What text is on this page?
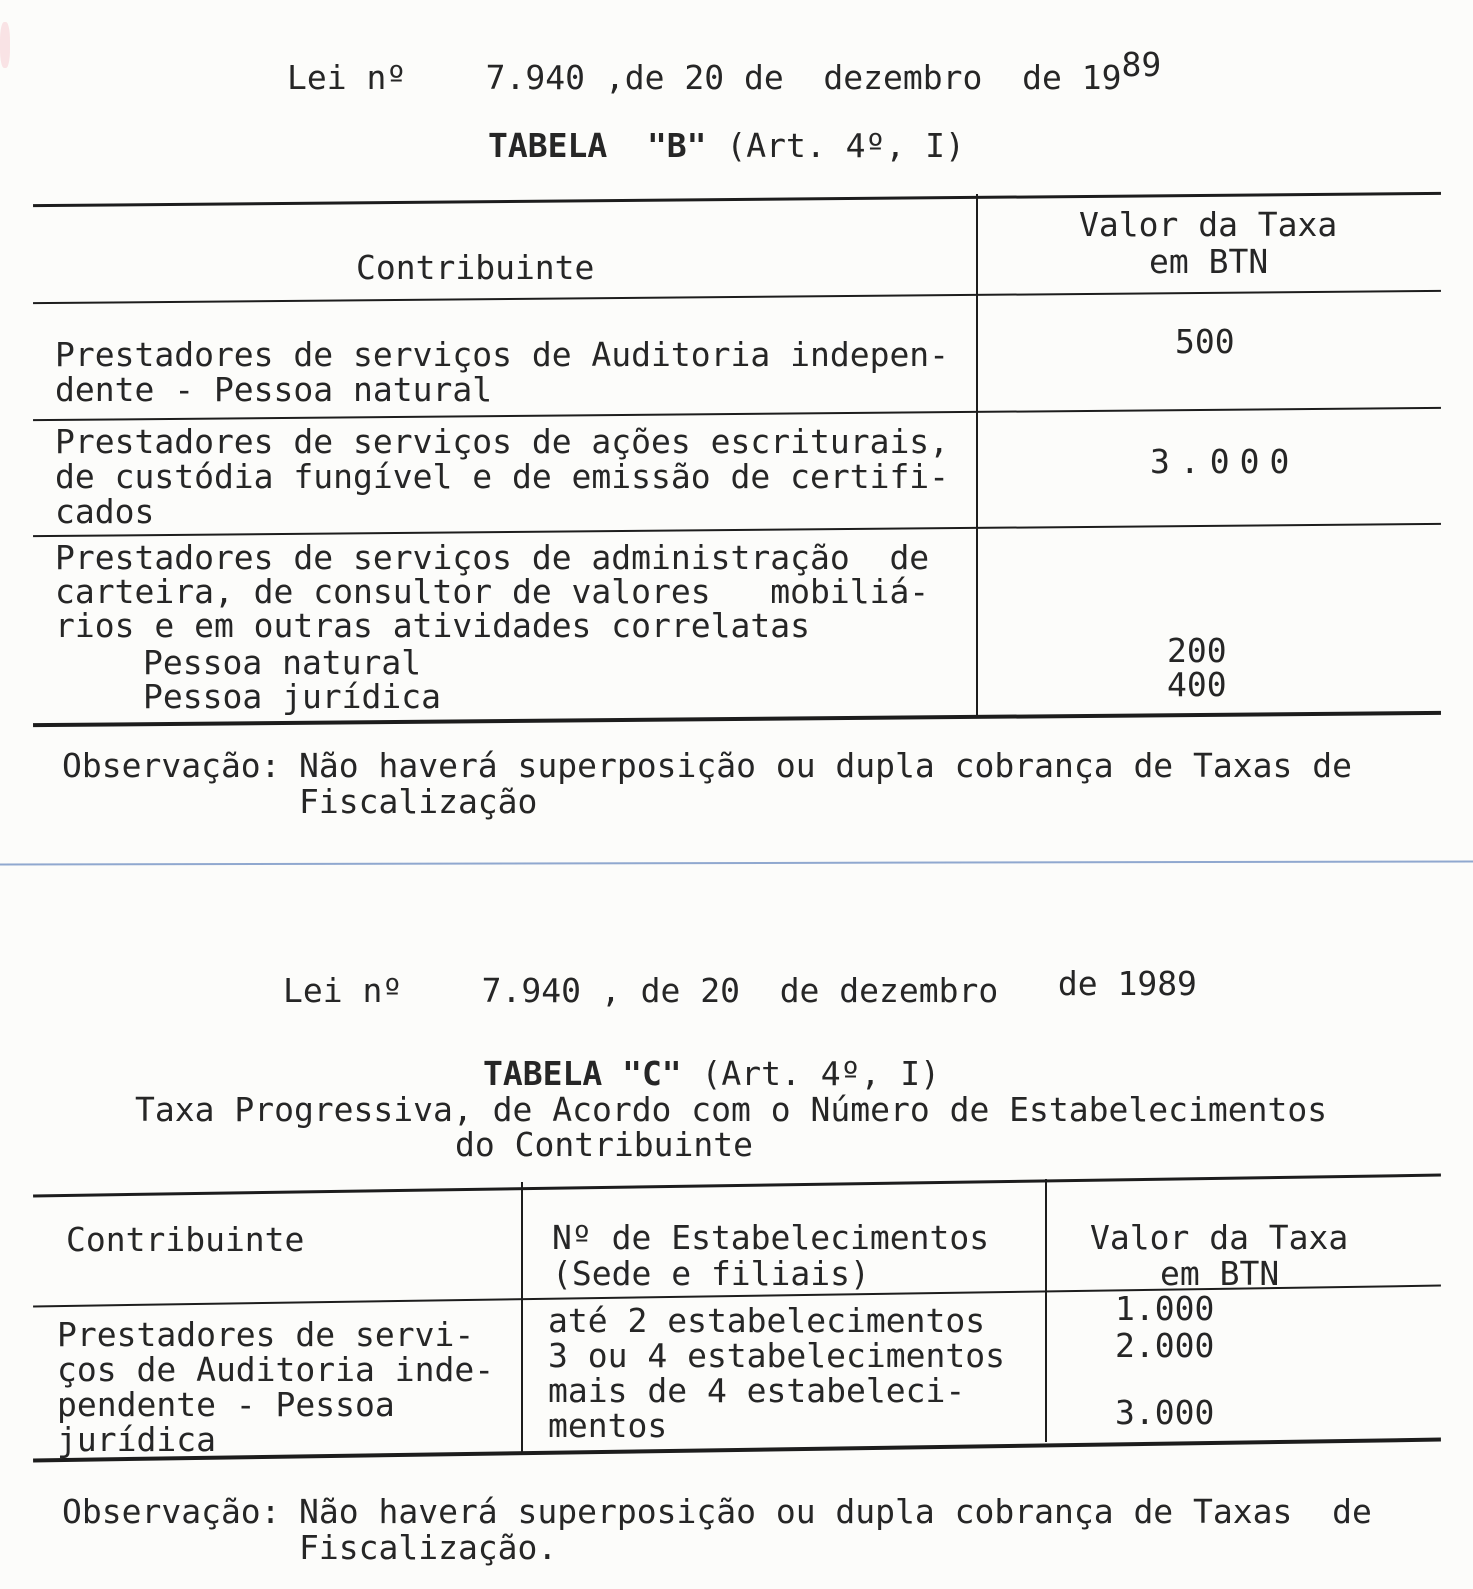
Lei nº    7.940 ,de 20 de  dezembro  de 1989
TABELA  "B" (Art. 4º, I)
Contribuinte
Valor da Taxa
em BTN
Prestadores de serviços de Auditoria indepen-
dente - Pessoa natural
500
Prestadores de serviços de ações escriturais,
de custódia fungível e de emissão de certifi-
cados
3.000
Prestadores de serviços de administração  de
carteira, de consultor de valores   mobiliá-
rios e em outras atividades correlatas
Pessoa natural
Pessoa jurídica
200
400
Observação: Não haverá superposição ou dupla cobrança de Taxas de
Fiscalização
Lei nº    7.940 , de 20  de dezembro   de 1989
TABELA "C" (Art. 4º, I)
Taxa Progressiva, de Acordo com o Número de Estabelecimentos
do Contribuinte
Contribuinte	Nº de Estabelecimentos
(Sede e filiais)
Valor da Taxa
em BTN
Prestadores de servi-
ços de Auditoria inde-
pendente - Pessoa
jurídica
até 2 estabelecimentos
3 ou 4 estabelecimentos
mais de 4 estabeleci-
mentos
1.000
2.000
3.000
Observação: Não haverá superposição ou dupla cobrança de Taxas  de
Fiscalização.
